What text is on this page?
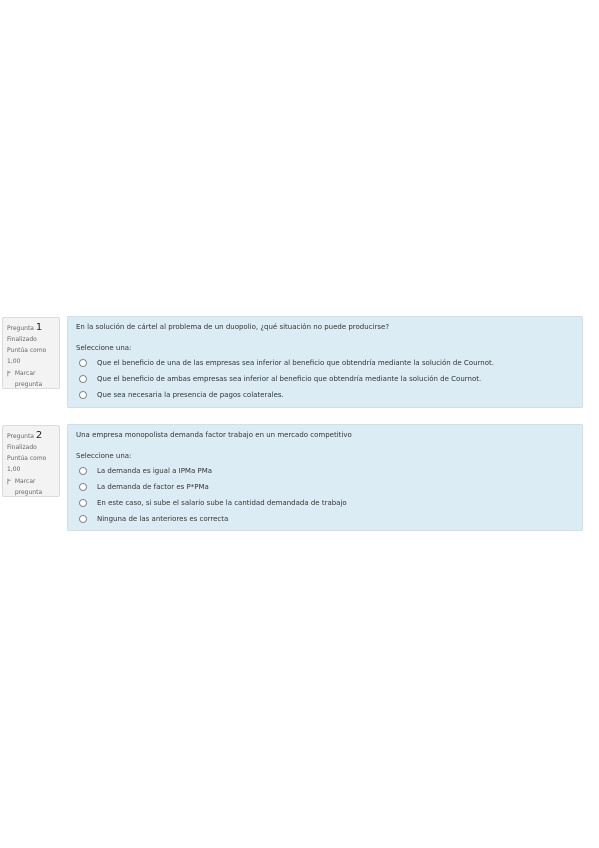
Pregunta 1
Finalizado
Puntúa como 1,00
Marcar pregunta
En la solución de cártel al problema de un duopolio, ¿qué situación no puede producirse?
Seleccione una:
Que el beneficio de una de las empresas sea inferior al beneficio que obtendría mediante la solución de Cournot.
Que el beneficio de ambas empresas sea inferior al beneficio que obtendría mediante la solución de Cournot.
Que sea necesaria la presencia de pagos colaterales.
Pregunta 2
Finalizado
Puntúa como 1,00
Marcar pregunta
Una empresa monopolista demanda factor trabajo en un mercado competitivo
Seleccione una:
La demanda es igual a IPMa PMa
La demanda de factor es P*PMa
En este caso, si sube el salario sube la cantidad demandada de trabajo
Ninguna de las anteriores es correcta
